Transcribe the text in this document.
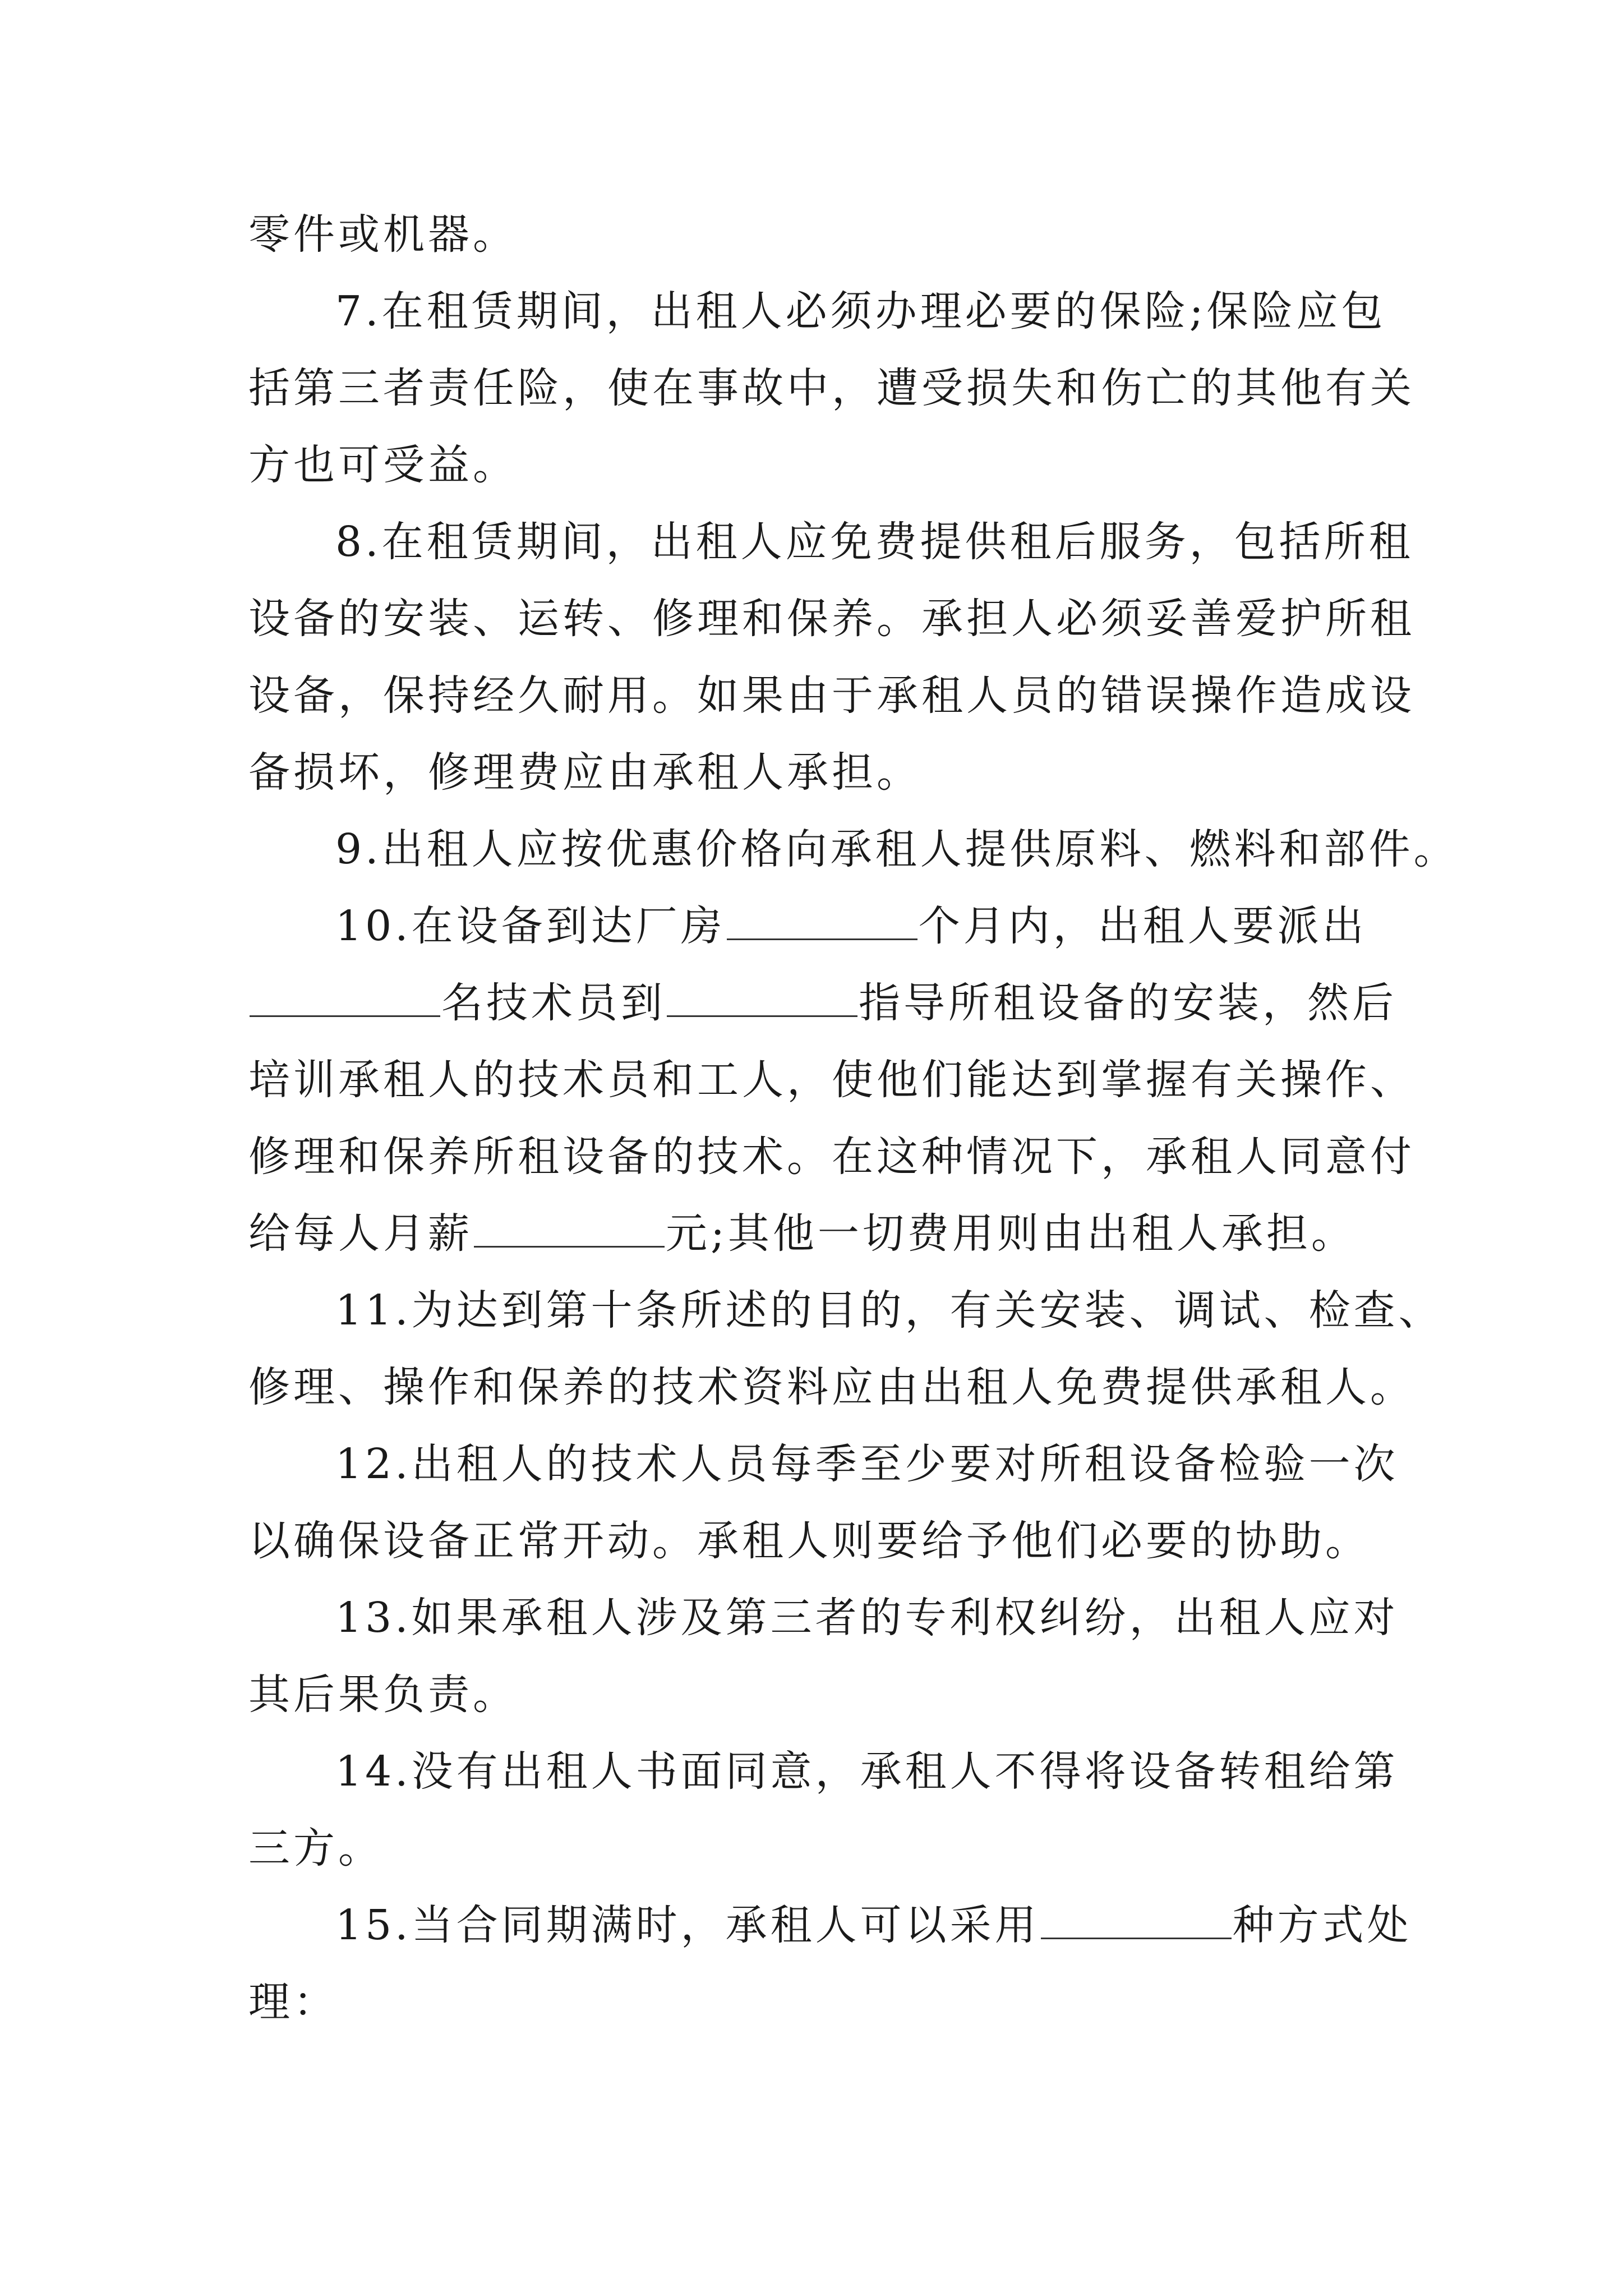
零件或机器。
7.在租赁期间，出租人必须办理必要的保险;保险应包
括第三者责任险，使在事故中，遭受损失和伤亡的其他有关
方也可受益。
8.在租赁期间，出租人应免费提供租后服务，包括所租
设备的安装、运转、修理和保养。承担人必须妥善爱护所租
设备，保持经久耐用。如果由于承租人员的错误操作造成设
备损坏，修理费应由承租人承担。
9.出租人应按优惠价格向承租人提供原料、燃料和部件。
10.在设备到达厂房	个月内，出租人要派出
名技术员到	指导所租设备的安装，然后
培训承租人的技术员和工人，使他们能达到掌握有关操作、
修理和保养所租设备的技术。在这种情况下，承租人同意付
给每人月薪	元;其他一切费用则由出租人承担。
11.为达到第十条所述的目的，有关安装、调试、检查、
修理、操作和保养的技术资料应由出租人免费提供承租人。
12.出租人的技术人员每季至少要对所租设备检验一次
以确保设备正常开动。承租人则要给予他们必要的协助。
13.如果承租人涉及第三者的专利权纠纷，出租人应对
其后果负责。
14.没有出租人书面同意，承租人不得将设备转租给第
三方。
15.当合同期满时，承租人可以采用	种方式处
理：
